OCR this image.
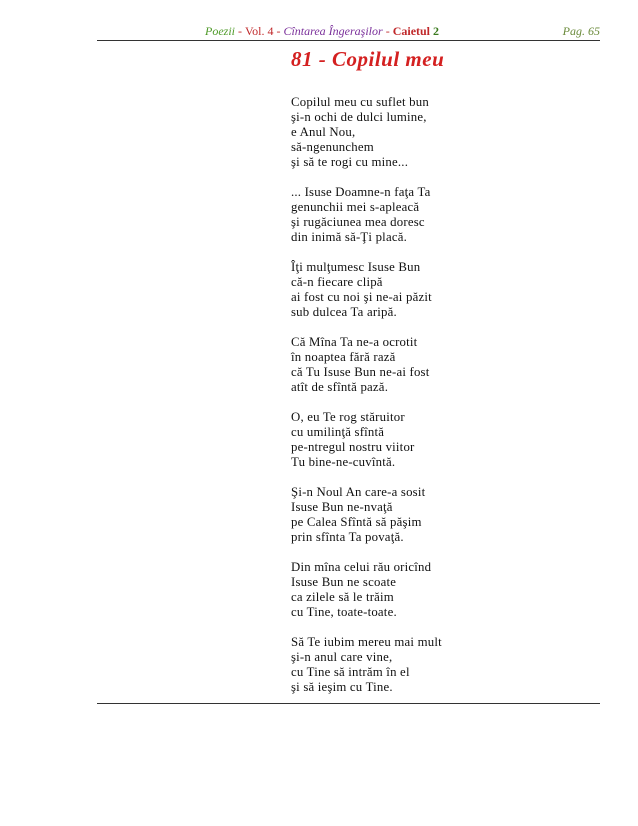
Poezii - Vol. 4 - Cîntarea Îngeraşilor - Caietul 2	Pag. 65
81 - Copilul meu
Copilul meu cu suflet bun
şi-n ochi de dulci lumine,
e Anul Nou,
să-ngenunchem
şi să te rogi cu mine...
... Isuse Doamne-n faţa Ta
genunchii mei s-apleacă
şi rugăciunea mea doresc
din inimă să-Ţi placă.
Îţi mulţumesc Isuse Bun
că-n fiecare clipă
ai fost cu noi şi ne-ai păzit
sub dulcea Ta aripă.
Că Mîna Ta ne-a ocrotit
în noaptea fără rază
că Tu Isuse Bun ne-ai fost
atît de sfîntă pază.
O, eu Te rog stăruitor
cu umilinţă sfîntă
pe-ntregul nostru viitor
Tu bine-ne-cuvîntă.
Şi-n Noul An care-a sosit
Isuse Bun ne-nvaţă
pe Calea Sfîntă să păşim
prin sfînta Ta povaţă.
Din mîna celui rău oricînd
Isuse Bun ne scoate
ca zilele să le trăim
cu Tine, toate-toate.
Să Te iubim mereu mai mult
şi-n anul care vine,
cu Tine să intrăm în el
şi să ieşim cu Tine.
